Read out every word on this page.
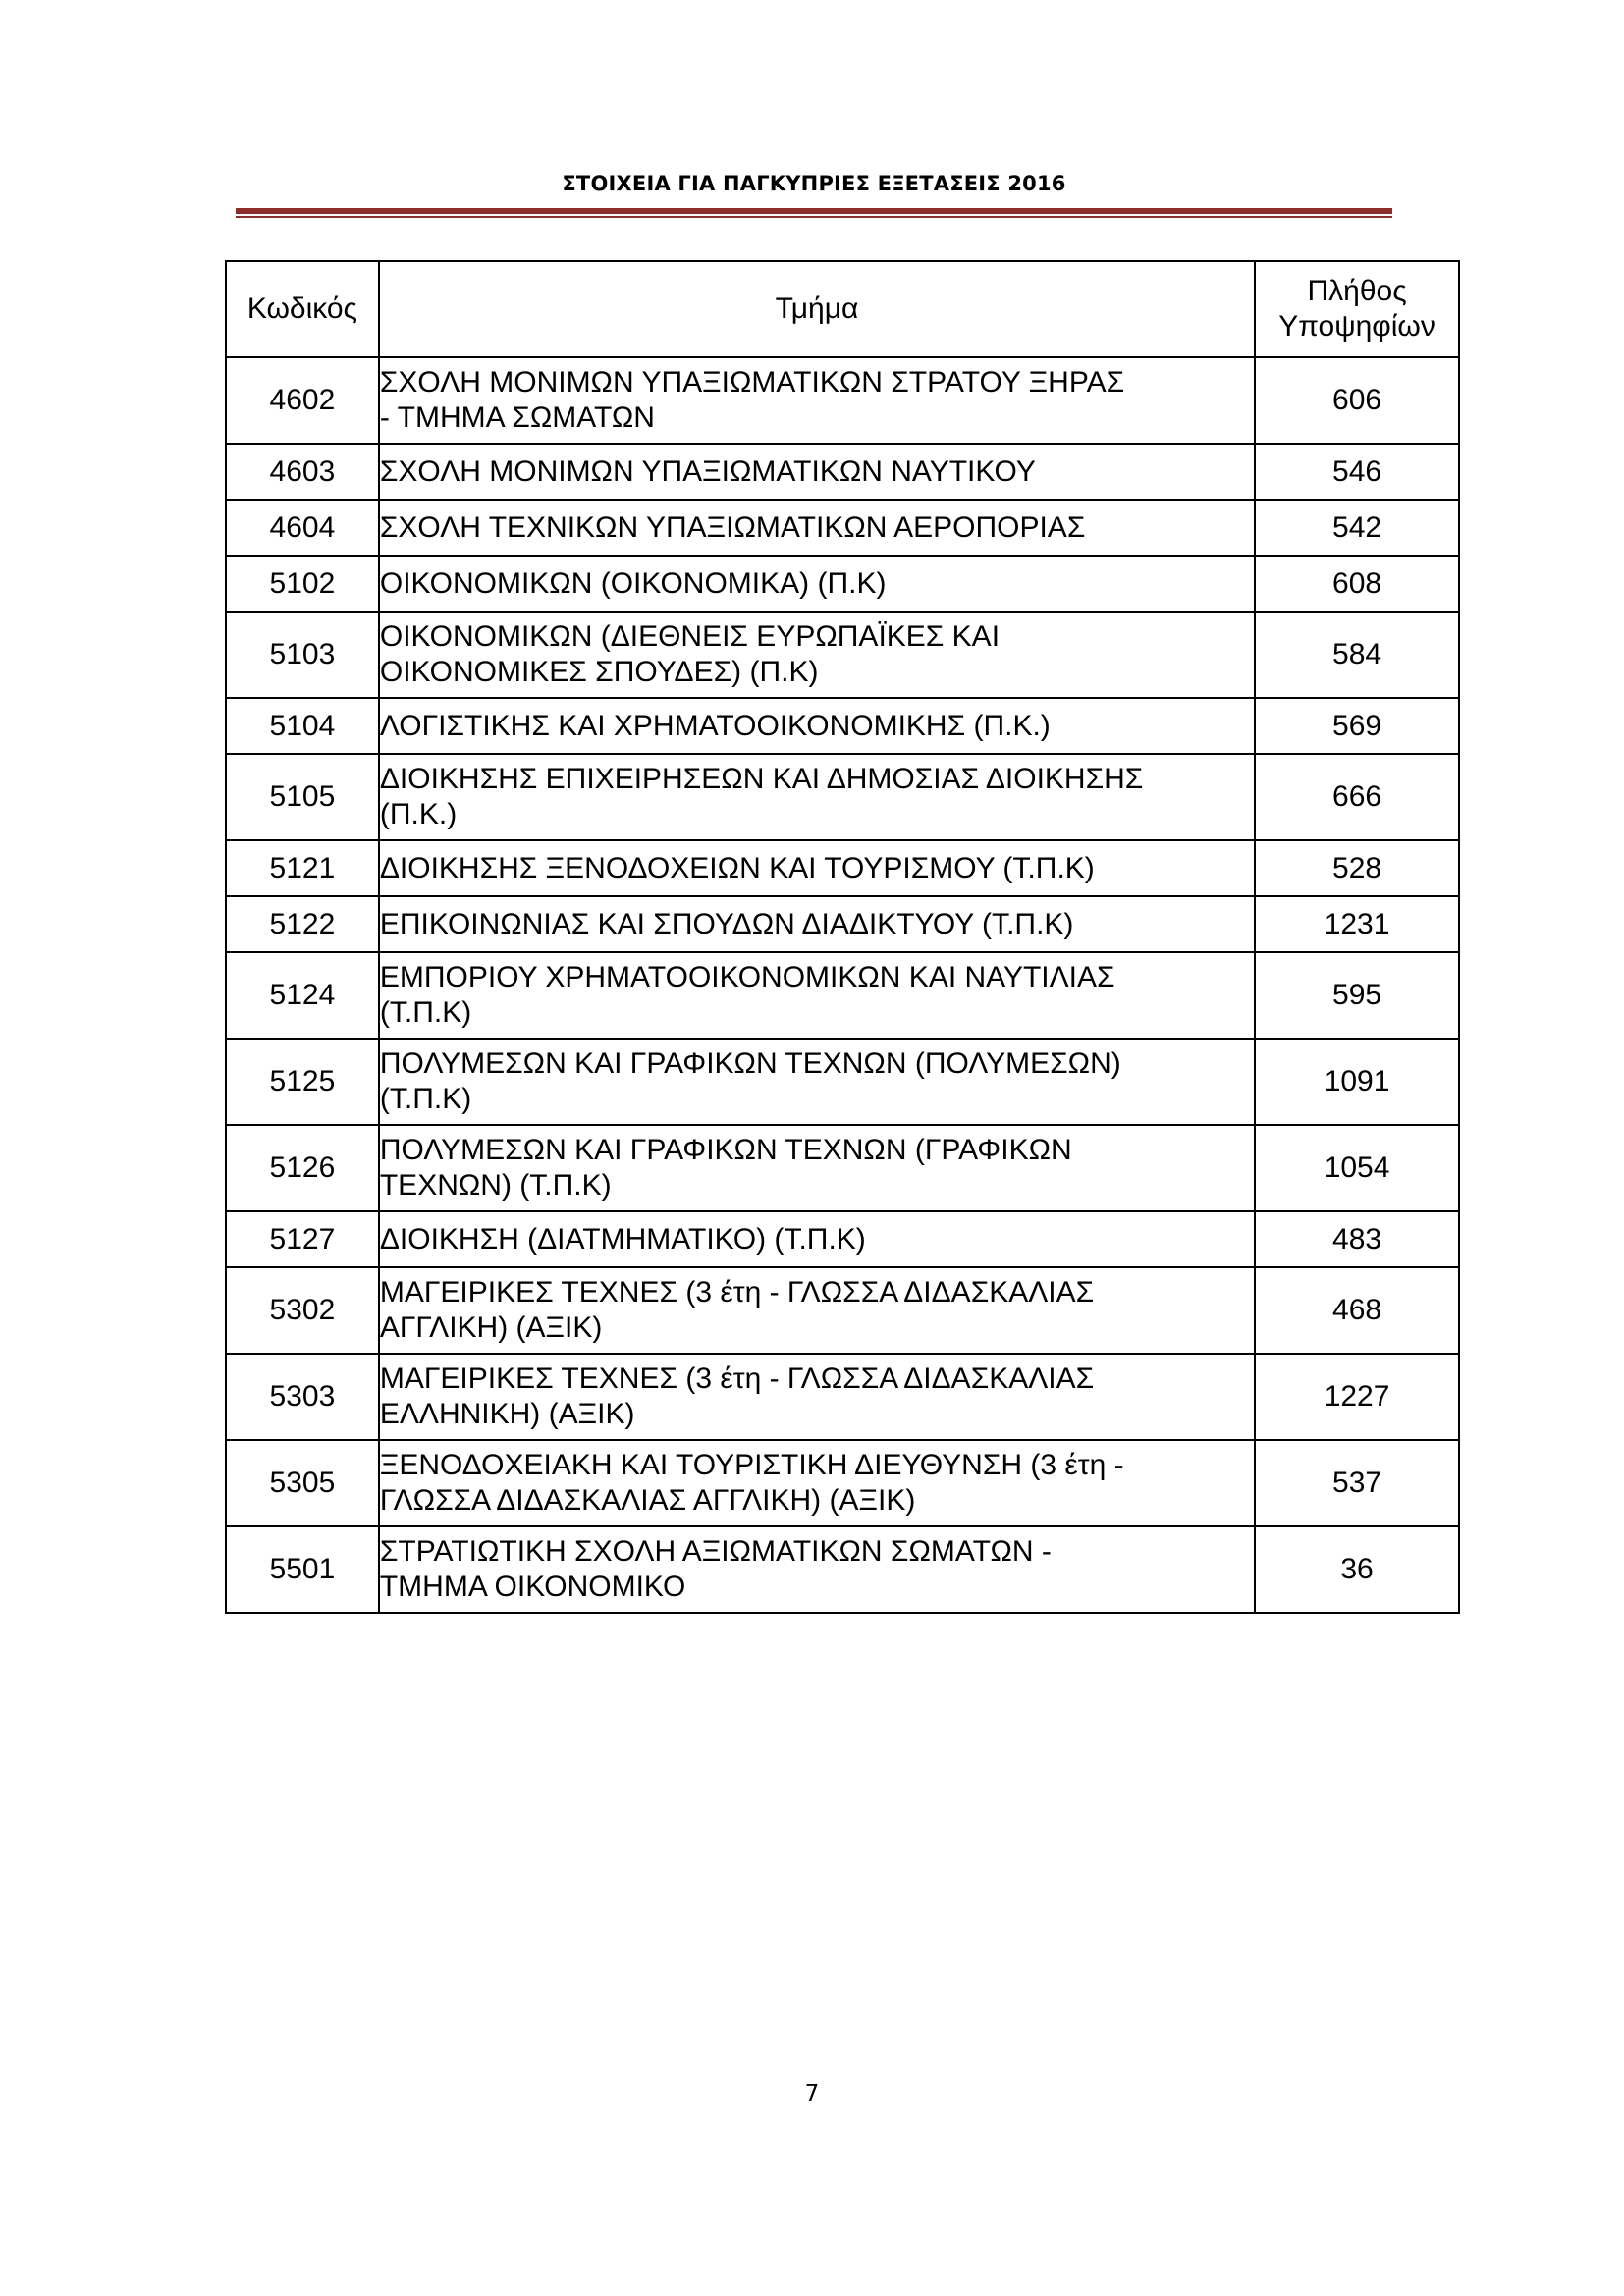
ΣΤΟΙΧΕΙΑ ΓΙΑ ΠΑΓΚΥΠΡΙΕΣ ΕΞΕΤΑΣΕΙΣ 2016
Κωδικός	Τμήμα	Πλήθος
Υποψηφίων
4602	ΣΧΟΛΗ ΜΟΝΙΜΩΝ ΥΠΑΞΙΩΜΑΤΙΚΩΝ ΣΤΡΑΤΟΥ ΞΗΡΑΣ
- ΤΜΗΜΑ ΣΩΜΑΤΩΝ	606
4603	ΣΧΟΛΗ ΜΟΝΙΜΩΝ ΥΠΑΞΙΩΜΑΤΙΚΩΝ ΝΑΥΤΙΚΟΥ	546
4604	ΣΧΟΛΗ ΤΕΧΝΙΚΩΝ ΥΠΑΞΙΩΜΑΤΙΚΩΝ ΑΕΡΟΠΟΡΙΑΣ	542
5102	ΟΙΚΟΝΟΜΙΚΩΝ (ΟΙΚΟΝΟΜΙΚΑ) (Π.Κ)	608
5103	ΟΙΚΟΝΟΜΙΚΩΝ (ΔΙΕΘΝΕΙΣ ΕΥΡΩΠΑΪΚΕΣ ΚΑΙ
ΟΙΚΟΝΟΜΙΚΕΣ ΣΠΟΥΔΕΣ) (Π.Κ)	584
5104	ΛΟΓΙΣΤΙΚΗΣ ΚΑΙ ΧΡΗΜΑΤΟΟΙΚΟΝΟΜΙΚΗΣ (Π.Κ.)	569
5105	ΔΙΟΙΚΗΣΗΣ ΕΠΙΧΕΙΡΗΣΕΩΝ ΚΑΙ ΔΗΜΟΣΙΑΣ ΔΙΟΙΚΗΣΗΣ
(Π.Κ.)	666
5121	ΔΙΟΙΚΗΣΗΣ ΞΕΝΟΔΟΧΕΙΩΝ ΚΑΙ ΤΟΥΡΙΣΜΟΥ (Τ.Π.Κ)	528
5122	ΕΠΙΚΟΙΝΩΝΙΑΣ ΚΑΙ ΣΠΟΥΔΩΝ ΔΙΑΔΙΚΤΥΟΥ (Τ.Π.Κ)	1231
5124	ΕΜΠΟΡΙΟΥ ΧΡΗΜΑΤΟΟΙΚΟΝΟΜΙΚΩΝ ΚΑΙ ΝΑΥΤΙΛΙΑΣ
(Τ.Π.Κ)	595
5125	ΠΟΛΥΜΕΣΩΝ ΚΑΙ ΓΡΑΦΙΚΩΝ ΤΕΧΝΩΝ (ΠΟΛΥΜΕΣΩΝ)
(Τ.Π.Κ)	1091
5126	ΠΟΛΥΜΕΣΩΝ ΚΑΙ ΓΡΑΦΙΚΩΝ ΤΕΧΝΩΝ (ΓΡΑΦΙΚΩΝ
ΤΕΧΝΩΝ) (Τ.Π.Κ)	1054
5127	ΔΙΟΙΚΗΣΗ (ΔΙΑΤΜΗΜΑΤΙΚΟ) (Τ.Π.Κ)	483
5302	ΜΑΓΕΙΡΙΚΕΣ ΤΕΧΝΕΣ (3 έτη - ΓΛΩΣΣΑ ΔΙΔΑΣΚΑΛΙΑΣ
ΑΓΓΛΙΚΗ) (ΑΞΙΚ)	468
5303	ΜΑΓΕΙΡΙΚΕΣ ΤΕΧΝΕΣ (3 έτη - ΓΛΩΣΣΑ ΔΙΔΑΣΚΑΛΙΑΣ
ΕΛΛΗΝΙΚΗ) (ΑΞΙΚ)	1227
5305	ΞΕΝΟΔΟΧΕΙΑΚΗ ΚΑΙ ΤΟΥΡΙΣΤΙΚΗ ΔΙΕΥΘΥΝΣΗ (3 έτη -
ΓΛΩΣΣΑ ΔΙΔΑΣΚΑΛΙΑΣ ΑΓΓΛΙΚΗ) (ΑΞΙΚ)	537
5501	ΣΤΡΑΤΙΩΤΙΚΗ ΣΧΟΛΗ ΑΞΙΩΜΑΤΙΚΩΝ ΣΩΜΑΤΩΝ -
ΤΜΗΜΑ ΟΙΚΟΝΟΜΙΚΟ	36
7
